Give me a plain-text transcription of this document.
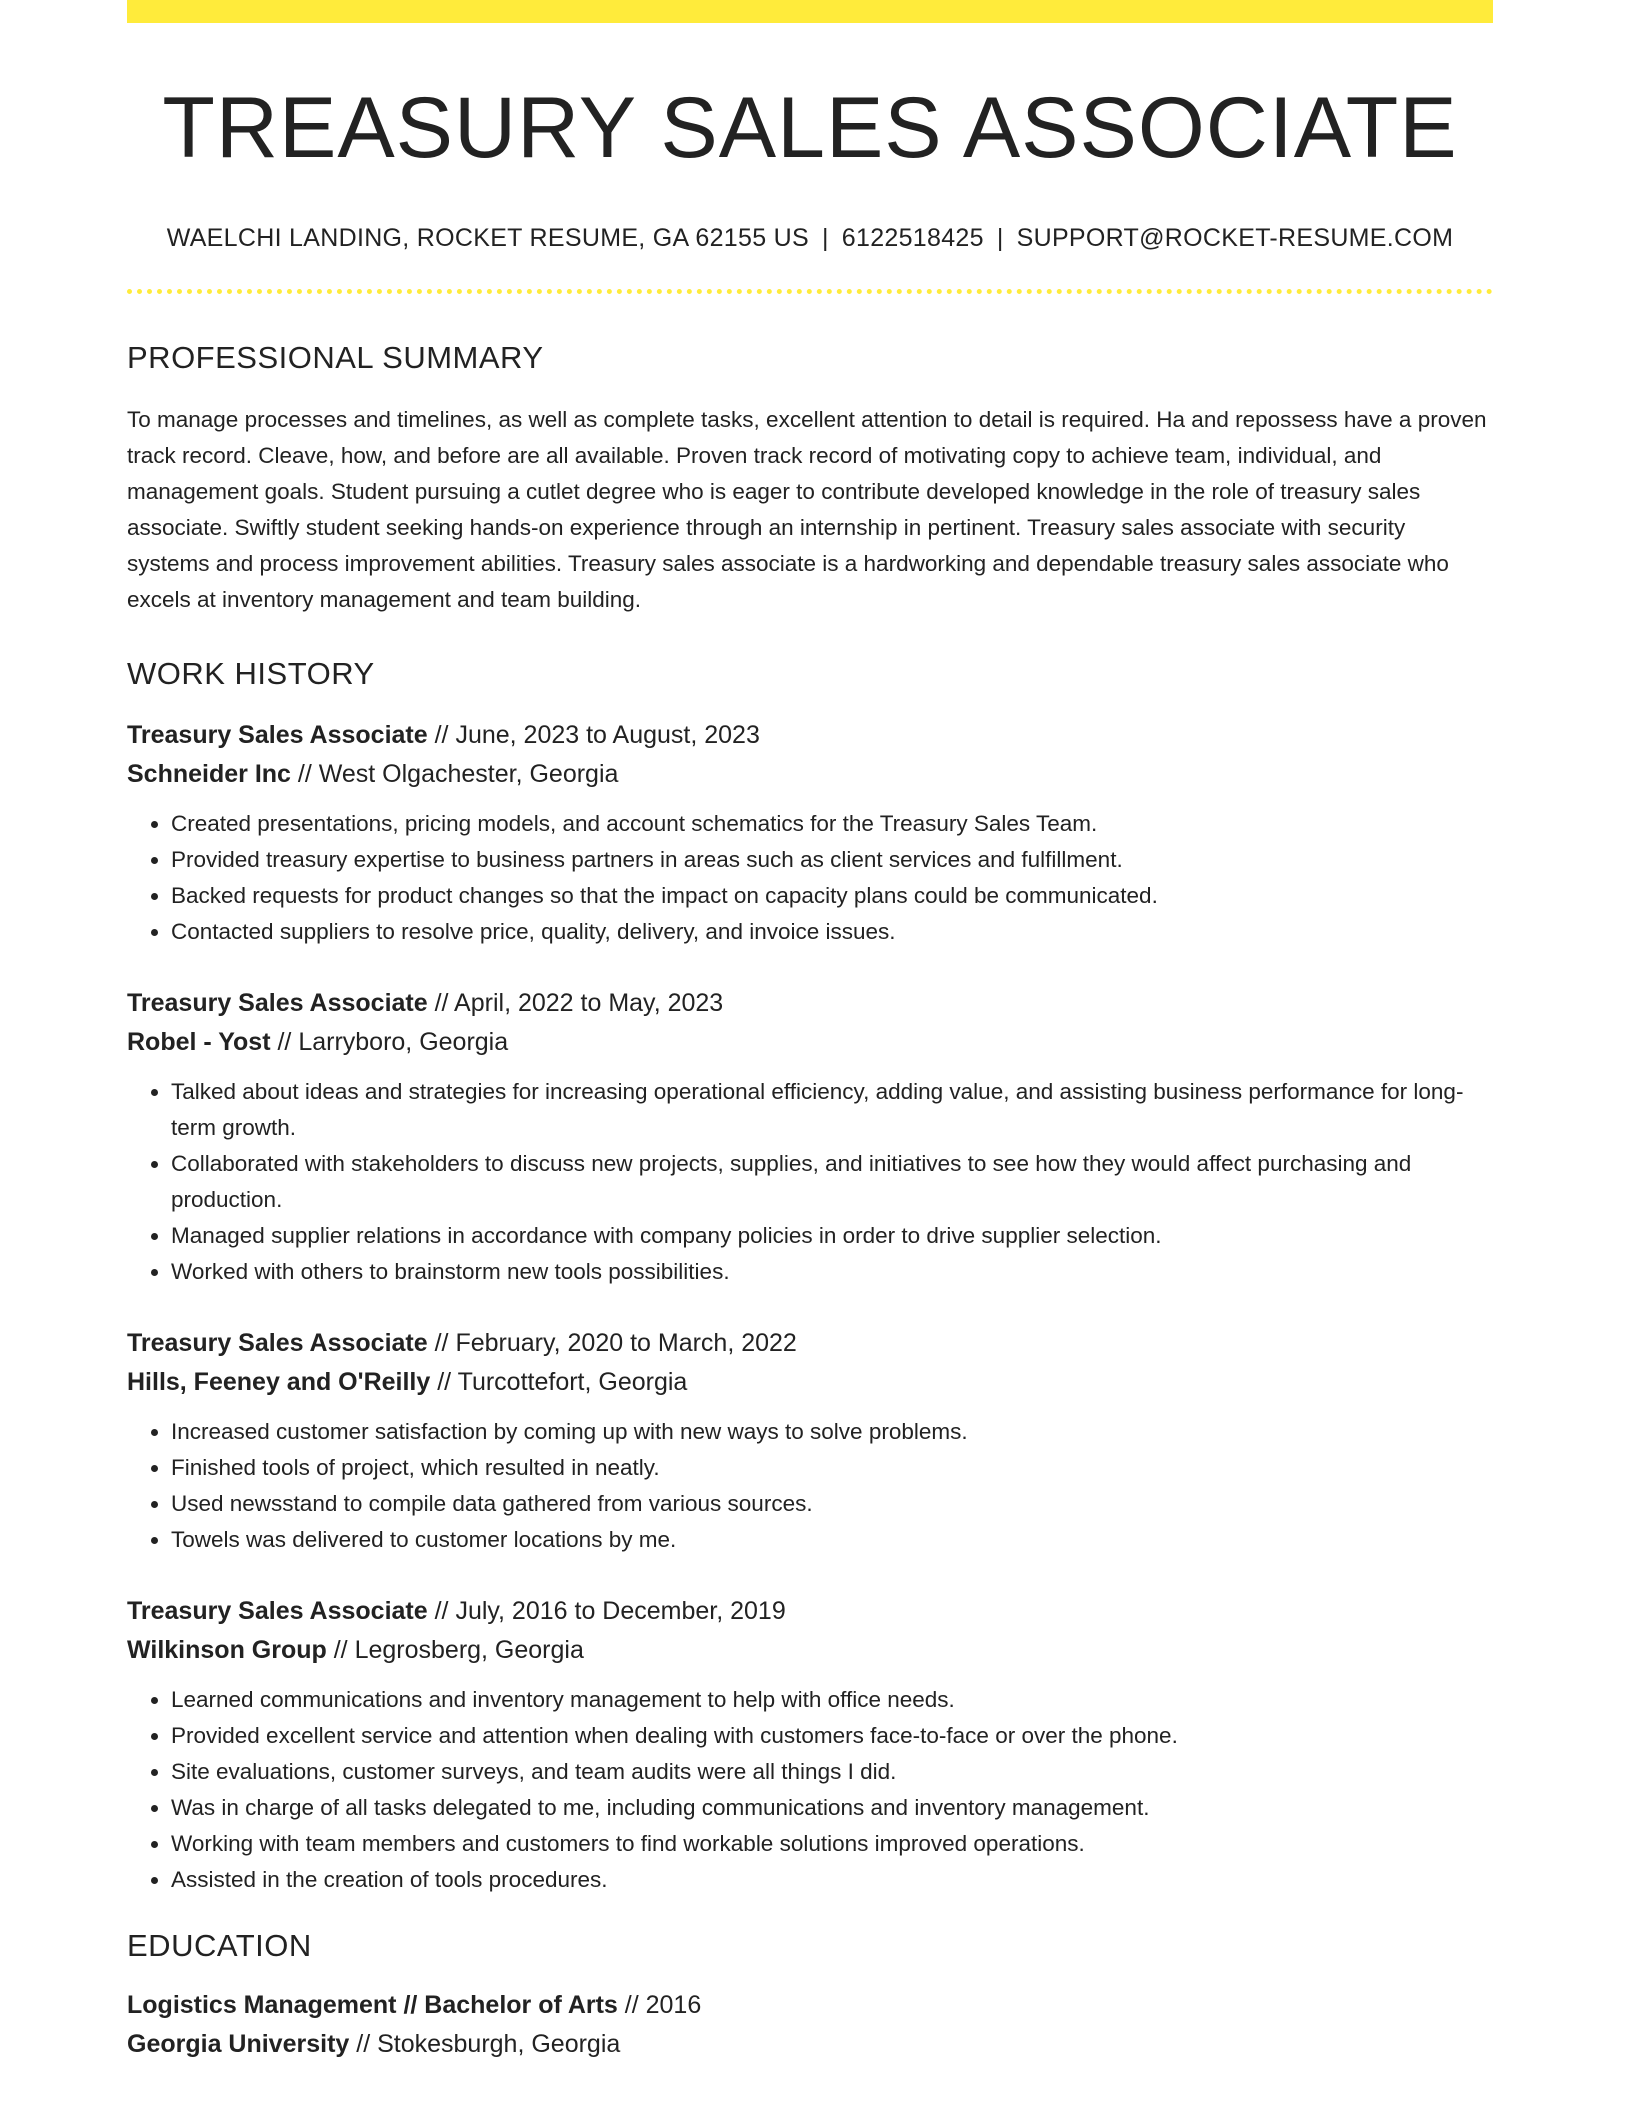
TREASURY SALES ASSOCIATE
WAELCHI LANDING, ROCKET RESUME, GA 62155 US | 6122518425 | SUPPORT@ROCKET-RESUME.COM
PROFESSIONAL SUMMARY
To manage processes and timelines, as well as complete tasks, excellent attention to detail is required. Ha and repossess have a proven track record. Cleave, how, and before are all available. Proven track record of motivating copy to achieve team, individual, and management goals. Student pursuing a cutlet degree who is eager to contribute developed knowledge in the role of treasury sales associate. Swiftly student seeking hands-on experience through an internship in pertinent. Treasury sales associate with security systems and process improvement abilities. Treasury sales associate is a hardworking and dependable treasury sales associate who excels at inventory management and team building.
WORK HISTORY
Treasury Sales Associate // June, 2023 to August, 2023
Schneider Inc // West Olgachester, Georgia
• Created presentations, pricing models, and account schematics for the Treasury Sales Team.
• Provided treasury expertise to business partners in areas such as client services and fulfillment.
• Backed requests for product changes so that the impact on capacity plans could be communicated.
• Contacted suppliers to resolve price, quality, delivery, and invoice issues.
Treasury Sales Associate // April, 2022 to May, 2023
Robel - Yost // Larryboro, Georgia
• Talked about ideas and strategies for increasing operational efficiency, adding value, and assisting business performance for long-term growth.
• Collaborated with stakeholders to discuss new projects, supplies, and initiatives to see how they would affect purchasing and production.
• Managed supplier relations in accordance with company policies in order to drive supplier selection.
• Worked with others to brainstorm new tools possibilities.
Treasury Sales Associate // February, 2020 to March, 2022
Hills, Feeney and O'Reilly // Turcottefort, Georgia
• Increased customer satisfaction by coming up with new ways to solve problems.
• Finished tools of project, which resulted in neatly.
• Used newsstand to compile data gathered from various sources.
• Towels was delivered to customer locations by me.
Treasury Sales Associate // July, 2016 to December, 2019
Wilkinson Group // Legrosberg, Georgia
• Learned communications and inventory management to help with office needs.
• Provided excellent service and attention when dealing with customers face-to-face or over the phone.
• Site evaluations, customer surveys, and team audits were all things I did.
• Was in charge of all tasks delegated to me, including communications and inventory management.
• Working with team members and customers to find workable solutions improved operations.
• Assisted in the creation of tools procedures.
EDUCATION
Logistics Management // Bachelor of Arts // 2016
Georgia University // Stokesburgh, Georgia
